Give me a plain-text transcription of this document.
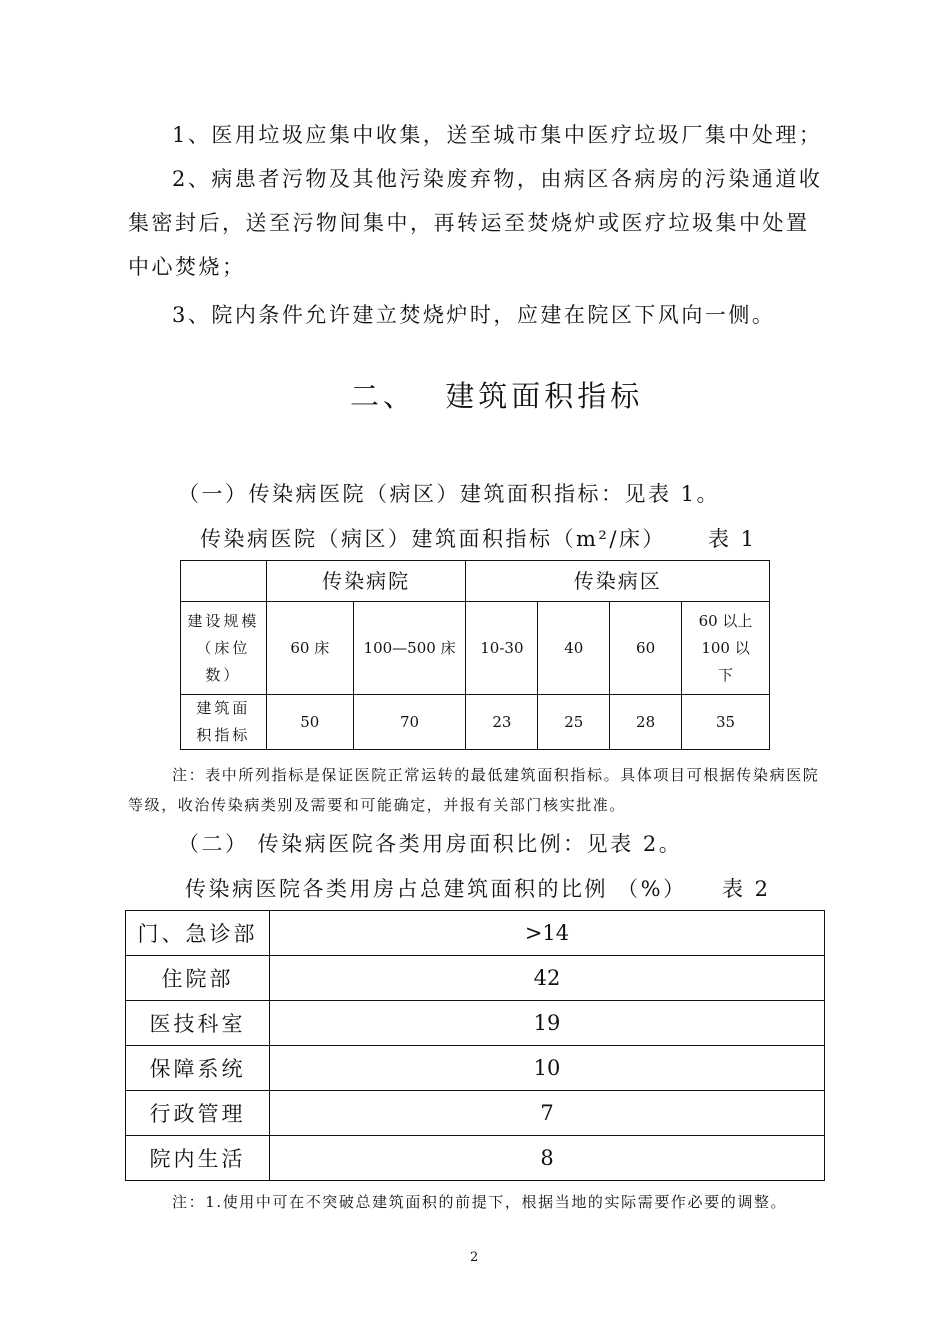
1、医用垃圾应集中收集，送至城市集中医疗垃圾厂集中处理；
2、病患者污物及其他污染废弃物，由病区各病房的污染通道收集密封后，送至污物间集中，再转运至焚烧炉或医疗垃圾集中处置中心焚烧；
3、院内条件允许建立焚烧炉时，应建在院区下风向一侧。
二、 建筑面积指标
（一）传染病医院（病区）建筑面积指标：见表 1。
传染病医院（病区）建筑面积指标（m²/床） 表 1
	传染病院		传染病区			
建设规模（床位数）	60 床	100—500 床	10-30	40	60	60 以上 100 以下
建筑面积指标	50	70	23	25	28	35
注：表中所列指标是保证医院正常运转的最低建筑面积指标。具体项目可根据传染病医院等级，收治传染病类别及需要和可能确定，并报有关部门核实批准。
（二） 传染病医院各类用房面积比例：见表 2。
传染病医院各类用房占总建筑面积的比例 （%） 表 2
门、急诊部	>14
住院部	42
医技科室	19
保障系统	10
行政管理	7
院内生活	8
注：1.使用中可在不突破总建筑面积的前提下，根据当地的实际需要作必要的调整。
2
